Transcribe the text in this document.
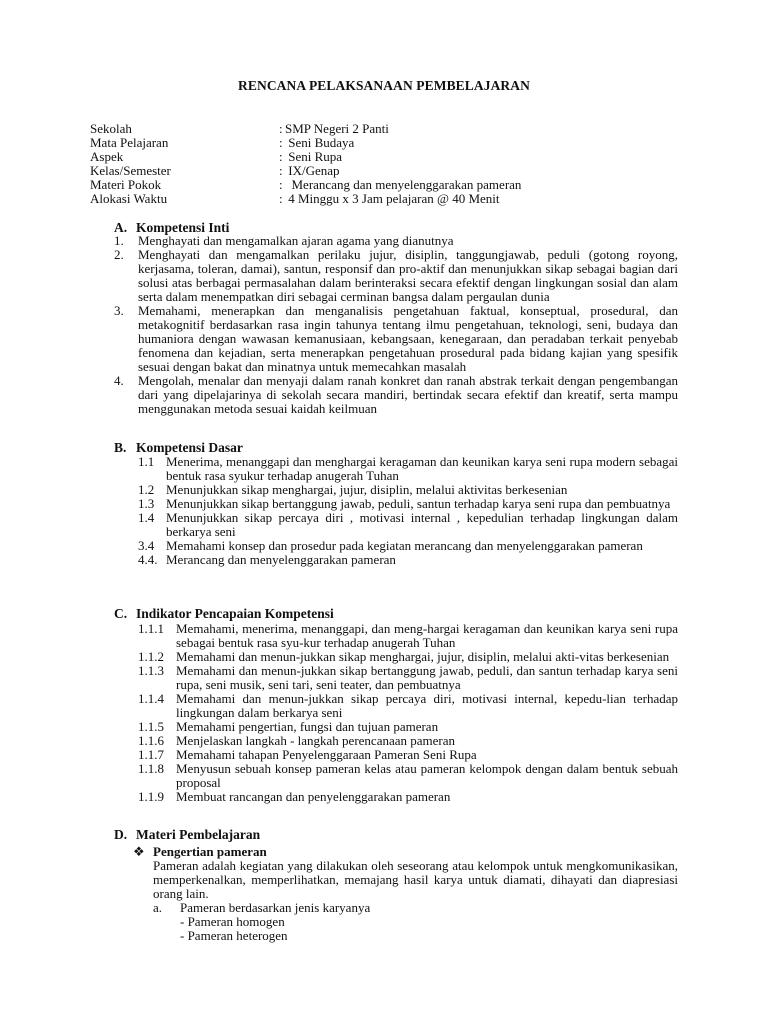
RENCANA PELAKSANAAN PEMBELAJARAN
Sekolah	: SMP Negeri 2 Panti
Mata Pelajaran	: Seni Budaya
Aspek	: Seni Rupa
Kelas/Semester	: IX/Genap
Materi Pokok	: Merancang dan menyelenggarakan pameran
Alokasi Waktu	: 4 Minggu x 3 Jam pelajaran @ 40 Menit
A. Kompetensi Inti
1.	Menghayati dan mengamalkan ajaran agama yang dianutnya
2.	Menghayati dan mengamalkan perilaku jujur, disiplin, tanggungjawab, peduli (gotong royong, kerjasama, toleran, damai), santun, responsif dan pro-aktif dan menunjukkan sikap sebagai bagian dari solusi atas berbagai permasalahan dalam berinteraksi secara efektif dengan lingkungan sosial dan alam serta dalam menempatkan diri sebagai cerminan bangsa dalam pergaulan dunia
3.	Memahami, menerapkan dan menganalisis pengetahuan faktual, konseptual, prosedural, dan metakognitif berdasarkan rasa ingin tahunya tentang ilmu pengetahuan, teknologi, seni, budaya dan humaniora dengan wawasan kemanusiaan, kebangsaan, kenegaraan, dan peradaban terkait penyebab fenomena dan kejadian, serta menerapkan pengetahuan prosedural pada bidang kajian yang spesifik sesuai dengan bakat dan minatnya untuk memecahkan masalah
4.	Mengolah, menalar dan menyaji dalam ranah konkret dan ranah abstrak terkait dengan pengembangan dari yang dipelajarinya di sekolah secara mandiri, bertindak secara efektif dan kreatif, serta mampu menggunakan metoda sesuai kaidah keilmuan
B. Kompetensi Dasar
1.1 Menerima, menanggapi dan menghargai keragaman dan keunikan karya seni rupa modern sebagai bentuk rasa syukur terhadap anugerah Tuhan
1.2 Menunjukkan sikap menghargai, jujur, disiplin, melalui aktivitas berkesenian
1.3 Menunjukkan sikap bertanggung jawab, peduli, santun terhadap karya seni rupa dan pembuatnya
1.4 Menunjukkan sikap percaya diri , motivasi internal , kepedulian terhadap lingkungan dalam berkarya seni
3.4 Memahami konsep dan prosedur pada kegiatan merancang dan menyelenggarakan pameran
4.4. Merancang dan menyelenggarakan pameran
C. Indikator Pencapaian Kompetensi
1.1.1 Memahami, menerima, menanggapi, dan meng-hargai keragaman dan keunikan karya seni rupa sebagai bentuk rasa syu-kur terhadap anugerah Tuhan
1.1.2 Memahami dan menun-jukkan sikap menghargai, jujur, disiplin, melalui akti-vitas berkesenian
1.1.3 Memahami dan menun-jukkan sikap bertanggung jawab, peduli, dan santun terhadap karya seni rupa, seni musik, seni tari, seni teater, dan pembuatnya
1.1.4 Memahami dan menun-jukkan sikap percaya diri, motivasi internal, kepedu-lian terhadap lingkungan dalam berkarya seni
1.1.5 Memahami pengertian, fungsi dan tujuan pameran
1.1.6 Menjelaskan langkah - langkah perencanaan pameran
1.1.7 Memahami tahapan Penyelenggaraan Pameran Seni Rupa
1.1.8 Menyusun sebuah konsep pameran kelas atau pameran kelompok dengan dalam bentuk sebuah proposal
1.1.9 Membuat rancangan dan penyelenggarakan pameran
D. Materi Pembelajaran
❖ Pengertian pameran
Pameran adalah kegiatan yang dilakukan oleh seseorang atau kelompok untuk mengkomunikasikan, memperkenalkan, memperlihatkan, memajang hasil karya untuk diamati, dihayati dan diapresiasi orang lain.
a.	Pameran berdasarkan jenis karyanya
- Pameran homogen
- Pameran heterogen
